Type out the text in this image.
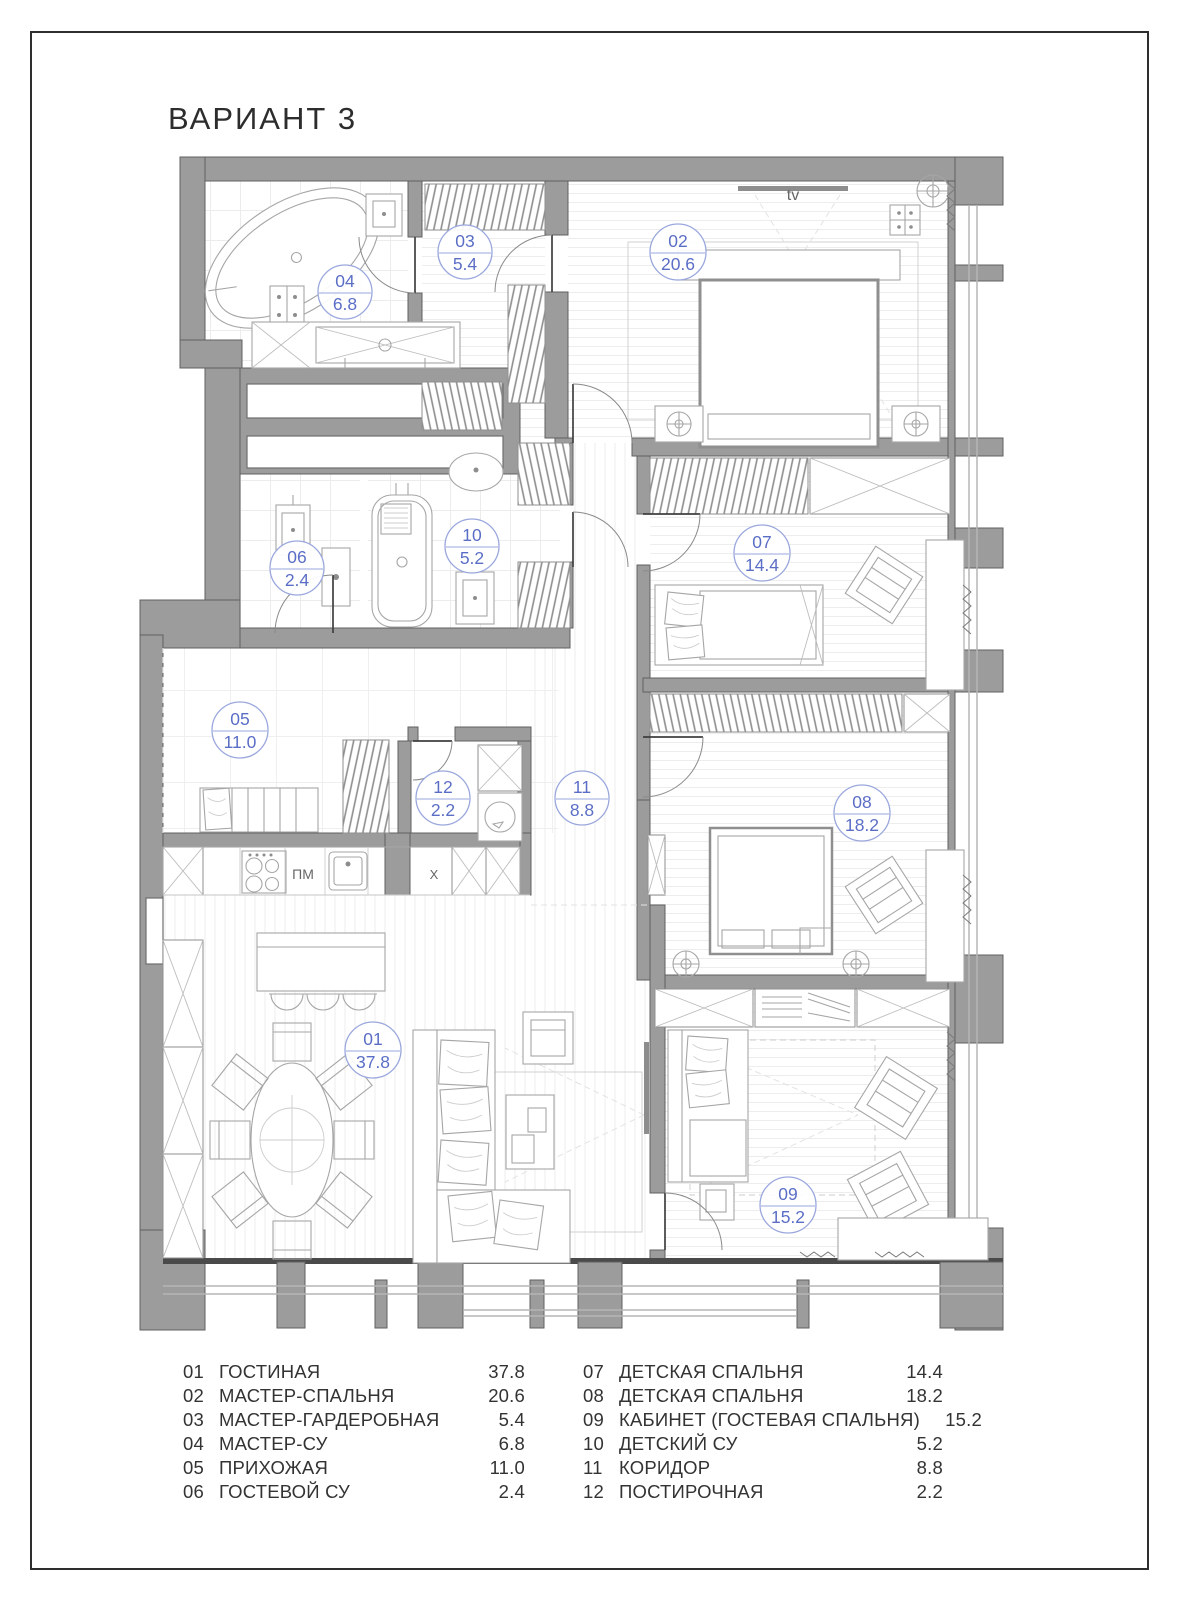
ВАРИАНТ 3
tv
ПМ	X
01
37.8
02
20.6
03
5.4
04
6.8
05
11.0
06
2.4
07
14.4
08
18.2
09
15.2
10
5.2
11
8.8
12
2.2
01 ГОСТИНАЯ	37.8
02 МАСТЕР-СПАЛЬНЯ	20.6
03 МАСТЕР-ГАРДЕРОБНАЯ	5.4
04 МАСТЕР-СУ	6.8
05 ПРИХОЖАЯ	11.0
06 ГОСТЕВОЙ СУ	2.4
07 ДЕТСКАЯ СПАЛЬНЯ	14.4
08 ДЕТСКАЯ СПАЛЬНЯ	18.2
09 КАБИНЕТ (ГОСТЕВАЯ СПАЛЬНЯ)	15.2
10 ДЕТСКИЙ СУ	5.2
11 КОРИДОР	8.8
12 ПОСТИРОЧНАЯ	2.2
